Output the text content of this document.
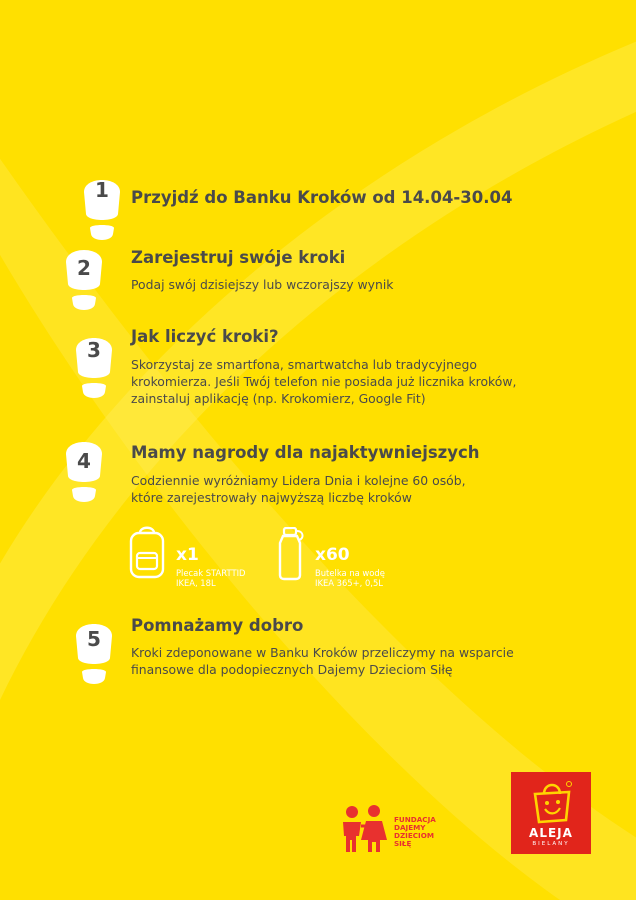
1	Przyjdź do Banku Kroków od 14.04-30.04
2	Zarejestruj swóje kroki
Podaj swój dzisiejszy lub wczorajszy wynik
3
Jak liczyć kroki?
Skorzystaj ze smartfona, smartwatcha lub tradycyjnego
krokomierza. Jeśli Twój telefon nie posiada już licznika kroków,
zainstaluj aplikację (np. Krokomierz, Google Fit)
4	Mamy nagrody dla najaktywniejszych
Codziennie wyróżniamy Lidera Dnia i kolejne 60 osób,
które zarejestrowały najwyższą liczbę kroków
x1
Plecak STARTTID
IKEA, 18L
x60
Butelka na wodę
IKEA 365+, 0,5L
5
Pomnażamy dobro
Kroki zdeponowane w Banku Kroków przeliczymy na wsparcie
finansowe dla podopiecznych Dajemy Dzieciom Siłę
FUNDACJA
DAJEMY
DZIECIOM
SIŁĘ
ALEJA
BIELANY
